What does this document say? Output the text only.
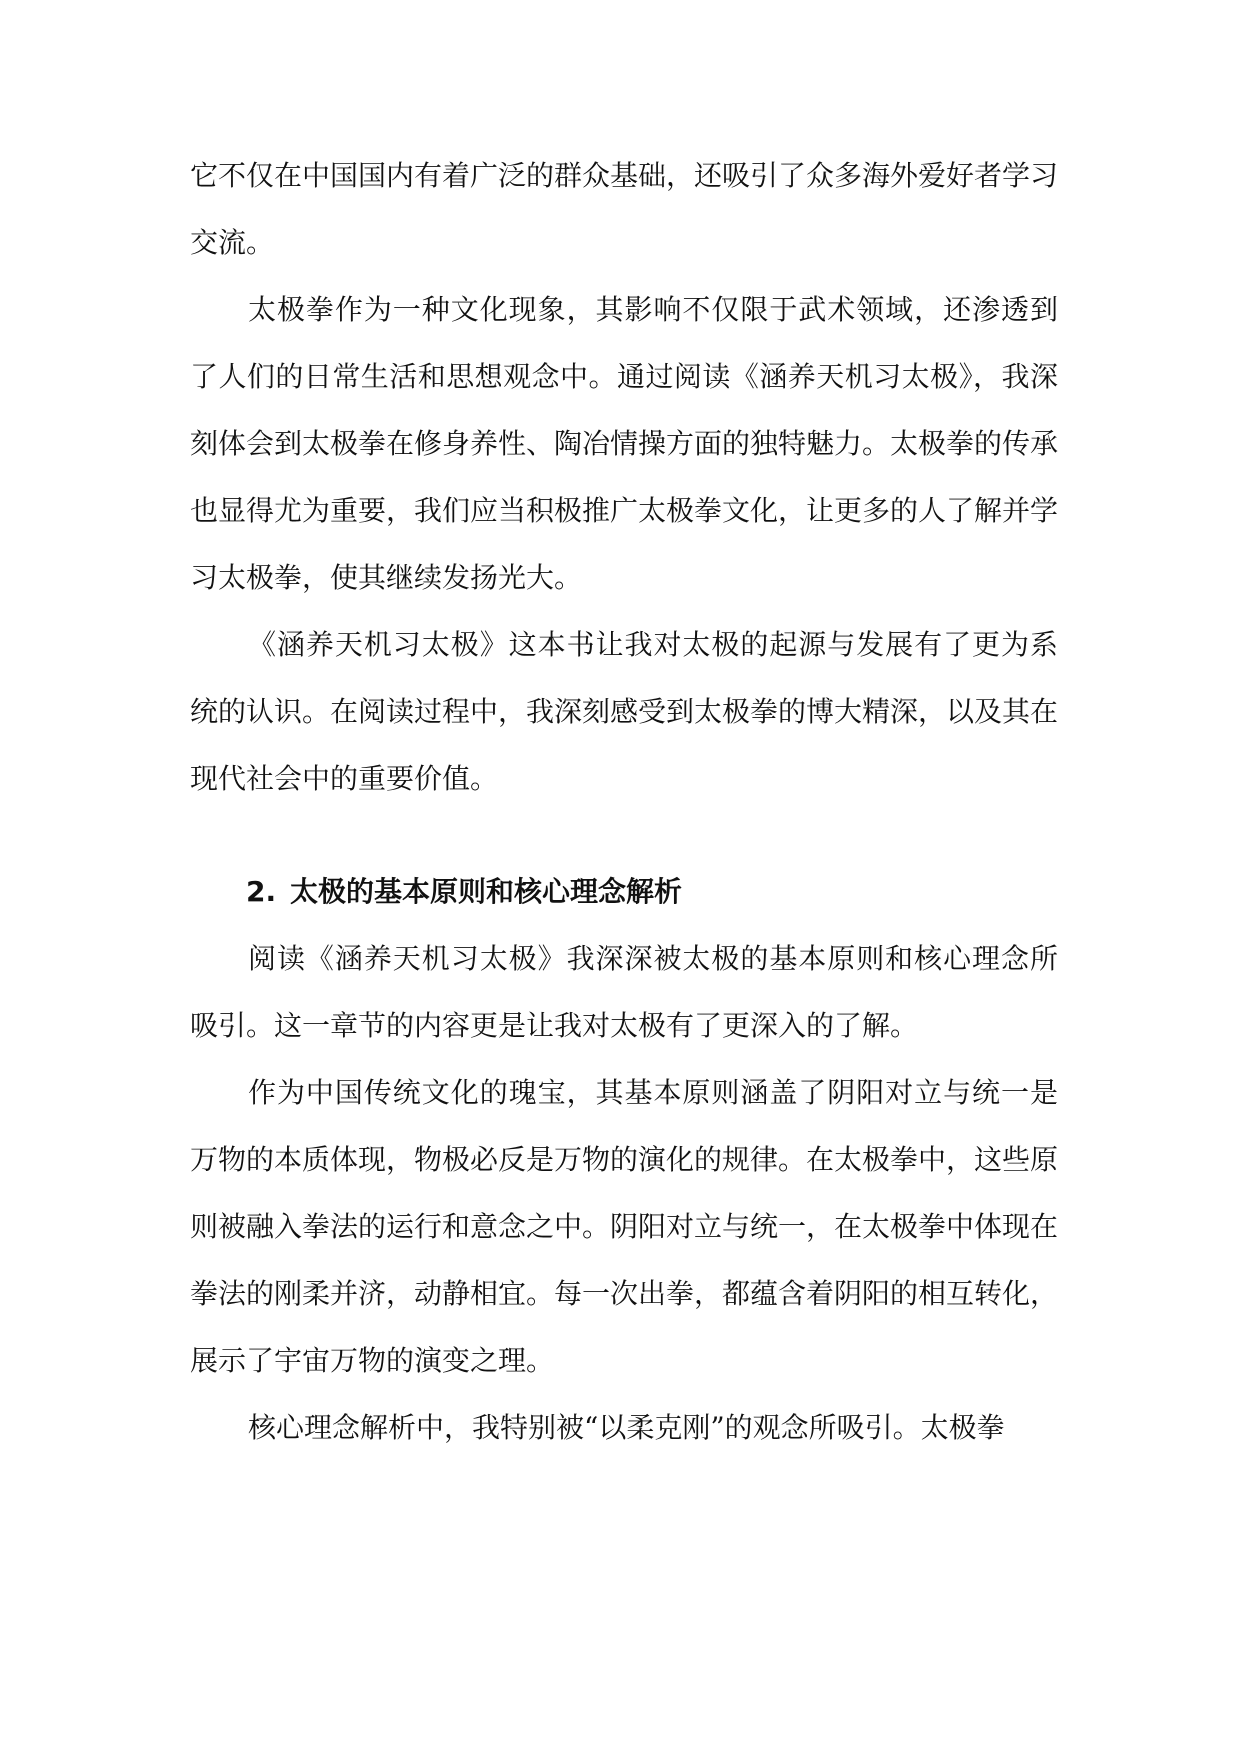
它不仅在中国国内有着广泛的群众基础，还吸引了众多海外爱好者学习交流。

太极拳作为一种文化现象，其影响不仅限于武术领域，还渗透到了人们的日常生活和思想观念中。通过阅读《涵养天机习太极》，我深刻体会到太极拳在修身养性、陶冶情操方面的独特魅力。太极拳的传承也显得尤为重要，我们应当积极推广太极拳文化，让更多的人了解并学习太极拳，使其继续发扬光大。

《涵养天机习太极》这本书让我对太极的起源与发展有了更为系统的认识。在阅读过程中，我深刻感受到太极拳的博大精深，以及其在现代社会中的重要价值。

2. 太极的基本原则和核心理念解析

阅读《涵养天机习太极》我深深被太极的基本原则和核心理念所吸引。这一章节的内容更是让我对太极有了更深入的了解。

作为中国传统文化的瑰宝，其基本原则涵盖了阴阳对立与统一是万物的本质体现，物极必反是万物的演化的规律。在太极拳中，这些原则被融入拳法的运行和意念之中。阴阳对立与统一，在太极拳中体现在拳法的刚柔并济，动静相宜。每一次出拳，都蕴含着阴阳的相互转化，展示了宇宙万物的演变之理。

核心理念解析中，我特别被“以柔克刚”的观念所吸引。太极拳
